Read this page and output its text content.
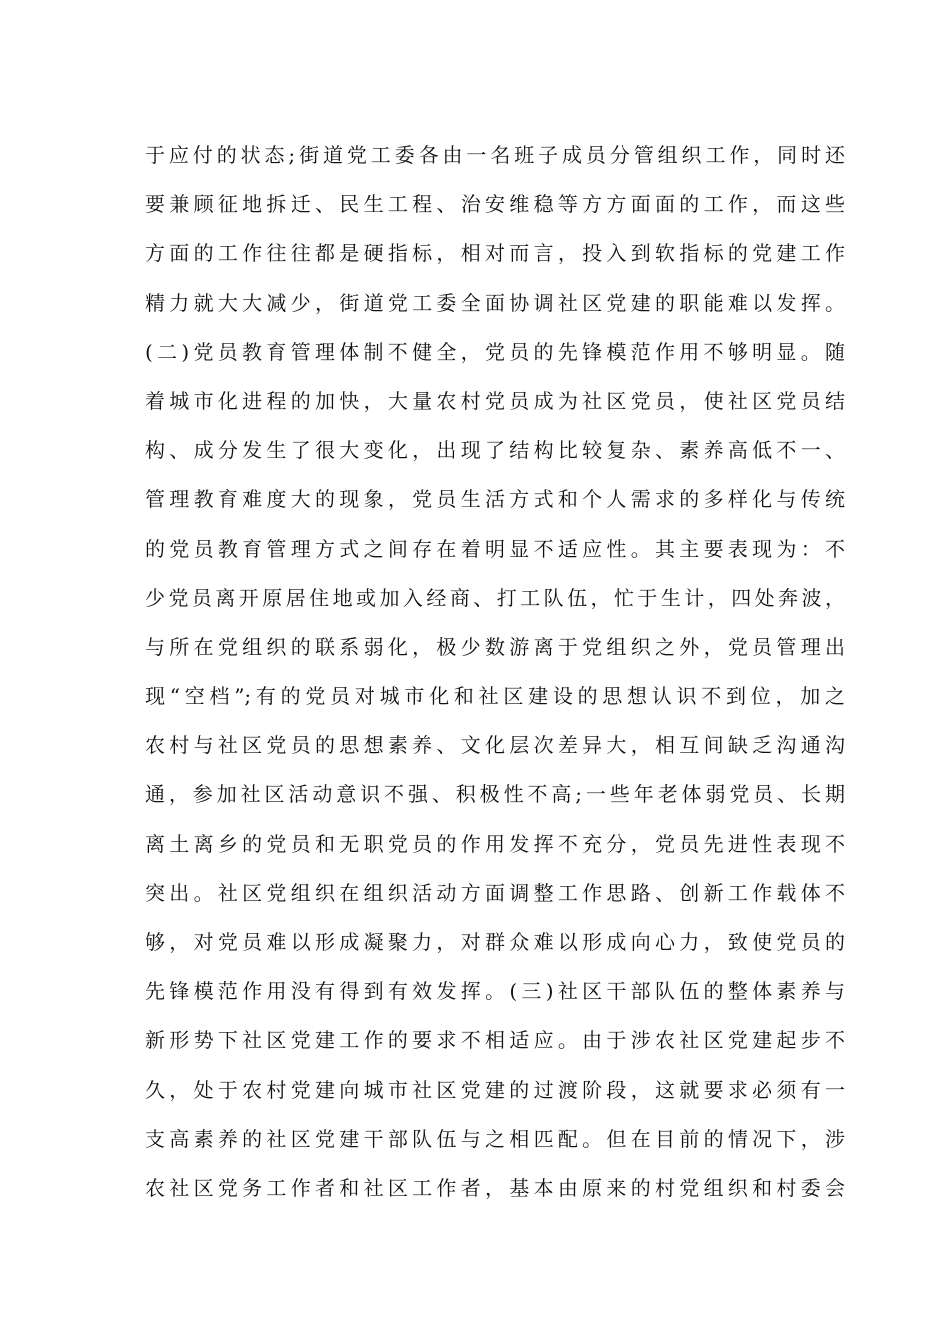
于应付的状态;街道党工委各由一名班子成员分管组织工作，同时还
要兼顾征地拆迁、民生工程、治安维稳等方方面面的工作，而这些
方面的工作往往都是硬指标，相对而言，投入到软指标的党建工作
精力就大大减少，街道党工委全面协调社区党建的职能难以发挥。
(二)党员教育管理体制不健全，党员的先锋模范作用不够明显。随
着城市化进程的加快，大量农村党员成为社区党员，使社区党员结
构、成分发生了很大变化，出现了结构比较复杂、素养高低不一、
管理教育难度大的现象，党员生活方式和个人需求的多样化与传统
的党员教育管理方式之间存在着明显不适应性。其主要表现为：不
少党员离开原居住地或加入经商、打工队伍，忙于生计，四处奔波，
与所在党组织的联系弱化，极少数游离于党组织之外，党员管理出
现“空档”;有的党员对城市化和社区建设的思想认识不到位，加之
农村与社区党员的思想素养、文化层次差异大，相互间缺乏沟通沟
通，参加社区活动意识不强、积极性不高;一些年老体弱党员、长期
离土离乡的党员和无职党员的作用发挥不充分，党员先进性表现不
突出。社区党组织在组织活动方面调整工作思路、创新工作载体不
够，对党员难以形成凝聚力，对群众难以形成向心力，致使党员的
先锋模范作用没有得到有效发挥。(三)社区干部队伍的整体素养与
新形势下社区党建工作的要求不相适应。由于涉农社区党建起步不
久，处于农村党建向城市社区党建的过渡阶段，这就要求必须有一
支高素养的社区党建干部队伍与之相匹配。但在目前的情况下，涉
农社区党务工作者和社区工作者，基本由原来的村党组织和村委会
